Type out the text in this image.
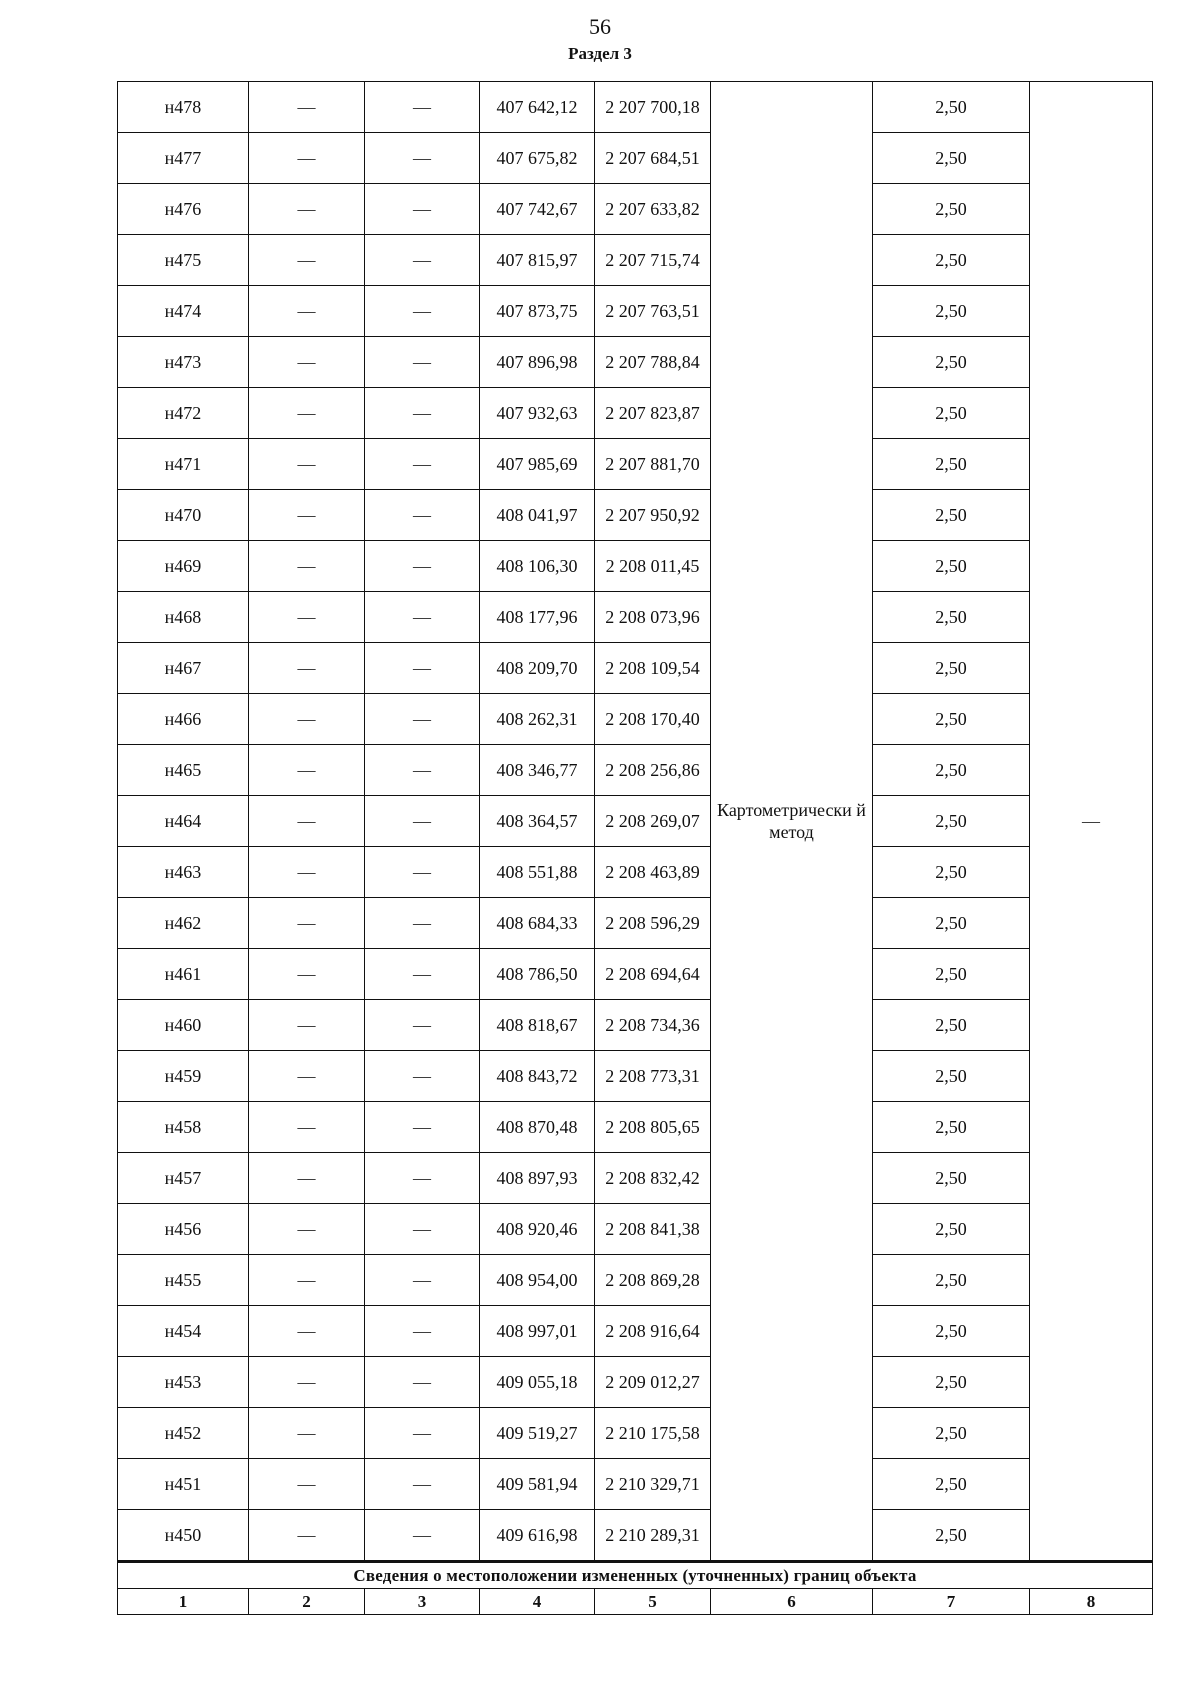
56
Раздел 3
н478	—	—	407 642,12	2 207 700,18	Картометрически й метод	2,50	—
н477	—	—	407 675,82	2 207 684,51		2,50	
н476	—	—	407 742,67	2 207 633,82		2,50	
н475	—	—	407 815,97	2 207 715,74		2,50	
н474	—	—	407 873,75	2 207 763,51		2,50	
н473	—	—	407 896,98	2 207 788,84		2,50	
н472	—	—	407 932,63	2 207 823,87		2,50	
н471	—	—	407 985,69	2 207 881,70		2,50	
н470	—	—	408 041,97	2 207 950,92		2,50	
н469	—	—	408 106,30	2 208 011,45		2,50	
н468	—	—	408 177,96	2 208 073,96		2,50	
н467	—	—	408 209,70	2 208 109,54		2,50	
н466	—	—	408 262,31	2 208 170,40		2,50	
н465	—	—	408 346,77	2 208 256,86		2,50	
н464	—	—	408 364,57	2 208 269,07		2,50	
н463	—	—	408 551,88	2 208 463,89		2,50	
н462	—	—	408 684,33	2 208 596,29		2,50	
н461	—	—	408 786,50	2 208 694,64		2,50	
н460	—	—	408 818,67	2 208 734,36		2,50	
н459	—	—	408 843,72	2 208 773,31		2,50	
н458	—	—	408 870,48	2 208 805,65		2,50	
н457	—	—	408 897,93	2 208 832,42		2,50	
н456	—	—	408 920,46	2 208 841,38		2,50	
н455	—	—	408 954,00	2 208 869,28		2,50	
н454	—	—	408 997,01	2 208 916,64		2,50	
н453	—	—	409 055,18	2 209 012,27		2,50	
н452	—	—	409 519,27	2 210 175,58		2,50	
н451	—	—	409 581,94	2 210 329,71		2,50	
н450	—	—	409 616,98	2 210 289,31		2,50	
Сведения о местоположении измененных (уточненных) границ объекта							
1	2	3	4	5	6	7	8
